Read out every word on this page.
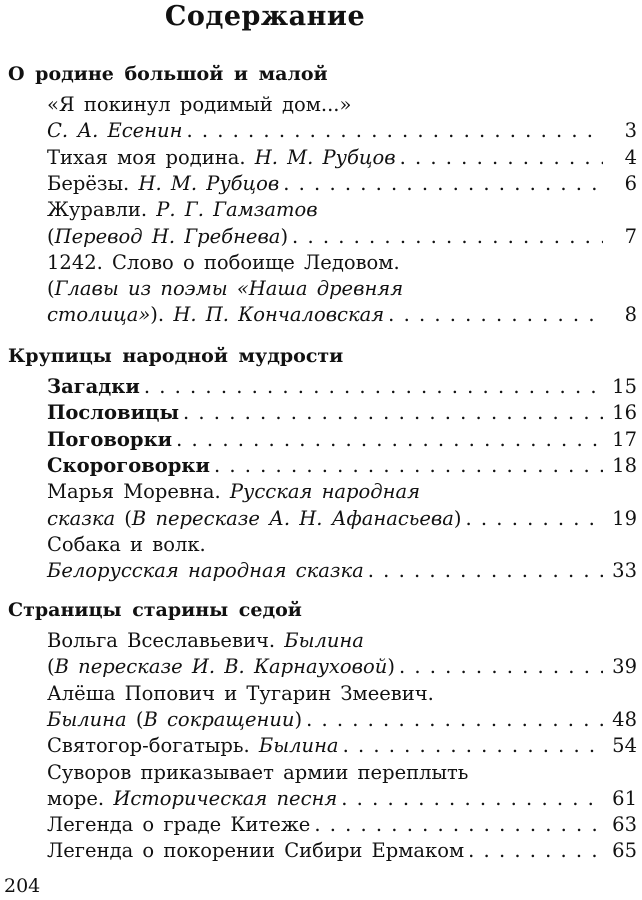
Содержание
204
О родине большой и малой
«Я покинул родимый дом...»
С. А. Есенин . . .	3
Тихая моя родина. Н. М. Рубцов . . .	4
Берёзы. Н. М. Рубцов . . .	6
Журавли. Р. Г. Гамзатов
(Перевод Н. Гребнева) . . .	7
1242. Слово о побоище Ледовом.
(Главы из поэмы «Наша древняя
столица»). Н. П. Кончаловская . . .	8
Крупицы народной мудрости
Загадки . . .	15
Пословицы . . .	16
Поговорки . . .	17
Скороговорки . . .	18
Марья Моревна. Русская народная
сказка (В пересказе А. Н. Афанасьева) . . .	19
Собака и волк.
Белорусская народная сказка . . .	33
Страницы старины седой
Вольга Всеславьевич. Былина
(В пересказе И. В. Карнауховой) . . .	39
Алёша Попович и Тугарин Змеевич.
Былина (В сокращении) . . .	48
Святогор-богатырь. Былина . . .	54
Суворов приказывает армии переплыть
море. Историческая песня . . .	61
Легенда о граде Китеже . . .	63
Легенда о покорении Сибири Ермаком . . .	65
